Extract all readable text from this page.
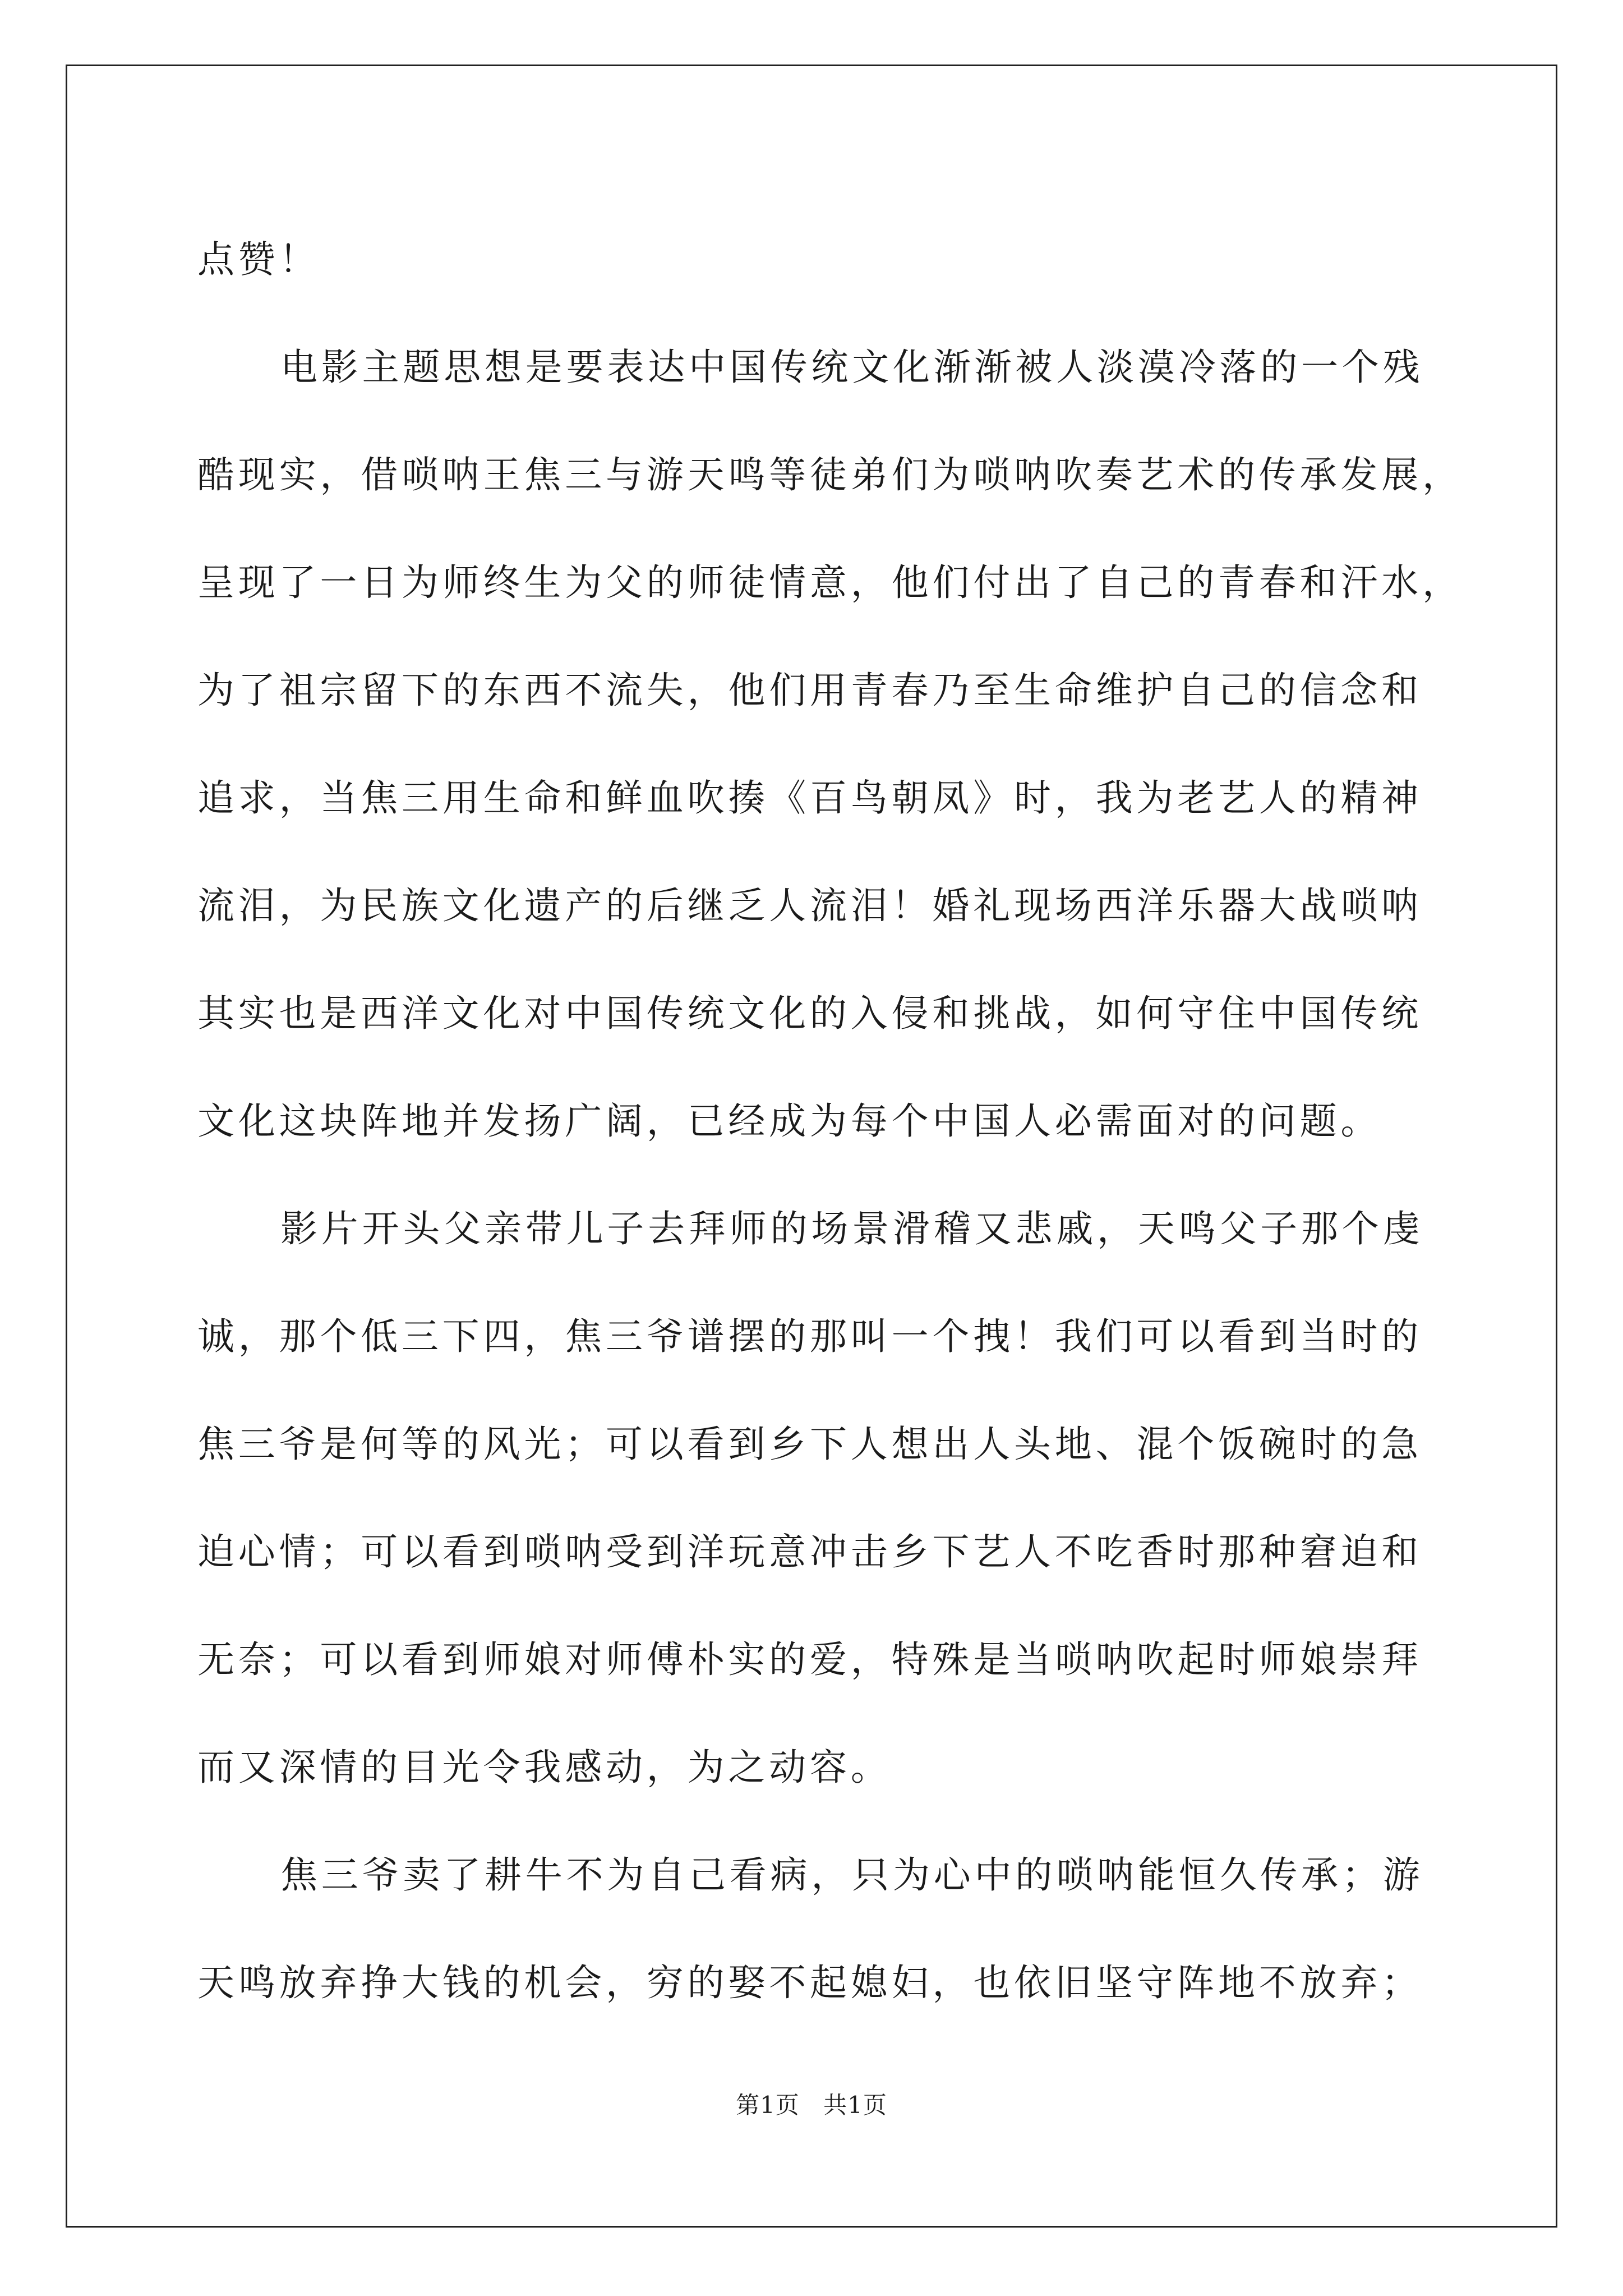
点赞！
电影主题思想是要表达中国传统文化渐渐被人淡漠冷落的一个残
酷现实，借唢呐王焦三与游天鸣等徒弟们为唢呐吹奏艺术的传承发展，
呈现了一日为师终生为父的师徒情意，他们付出了自己的青春和汗水，
为了祖宗留下的东西不流失，他们用青春乃至生命维护自己的信念和
追求，当焦三用生命和鲜血吹揍《百鸟朝凤》时，我为老艺人的精神
流泪，为民族文化遗产的后继乏人流泪！婚礼现场西洋乐器大战唢呐
其实也是西洋文化对中国传统文化的入侵和挑战，如何守住中国传统
文化这块阵地并发扬广阔，已经成为每个中国人必需面对的问题。
影片开头父亲带儿子去拜师的场景滑稽又悲戚，天鸣父子那个虔
诚，那个低三下四，焦三爷谱摆的那叫一个拽！我们可以看到当时的
焦三爷是何等的风光；可以看到乡下人想出人头地、混个饭碗时的急
迫心情；可以看到唢呐受到洋玩意冲击乡下艺人不吃香时那种窘迫和
无奈；可以看到师娘对师傅朴实的爱，特殊是当唢呐吹起时师娘崇拜
而又深情的目光令我感动，为之动容。
焦三爷卖了耕牛不为自己看病，只为心中的唢呐能恒久传承；游
天鸣放弃挣大钱的机会，穷的娶不起媳妇，也依旧坚守阵地不放弃；
第1页 共1页
